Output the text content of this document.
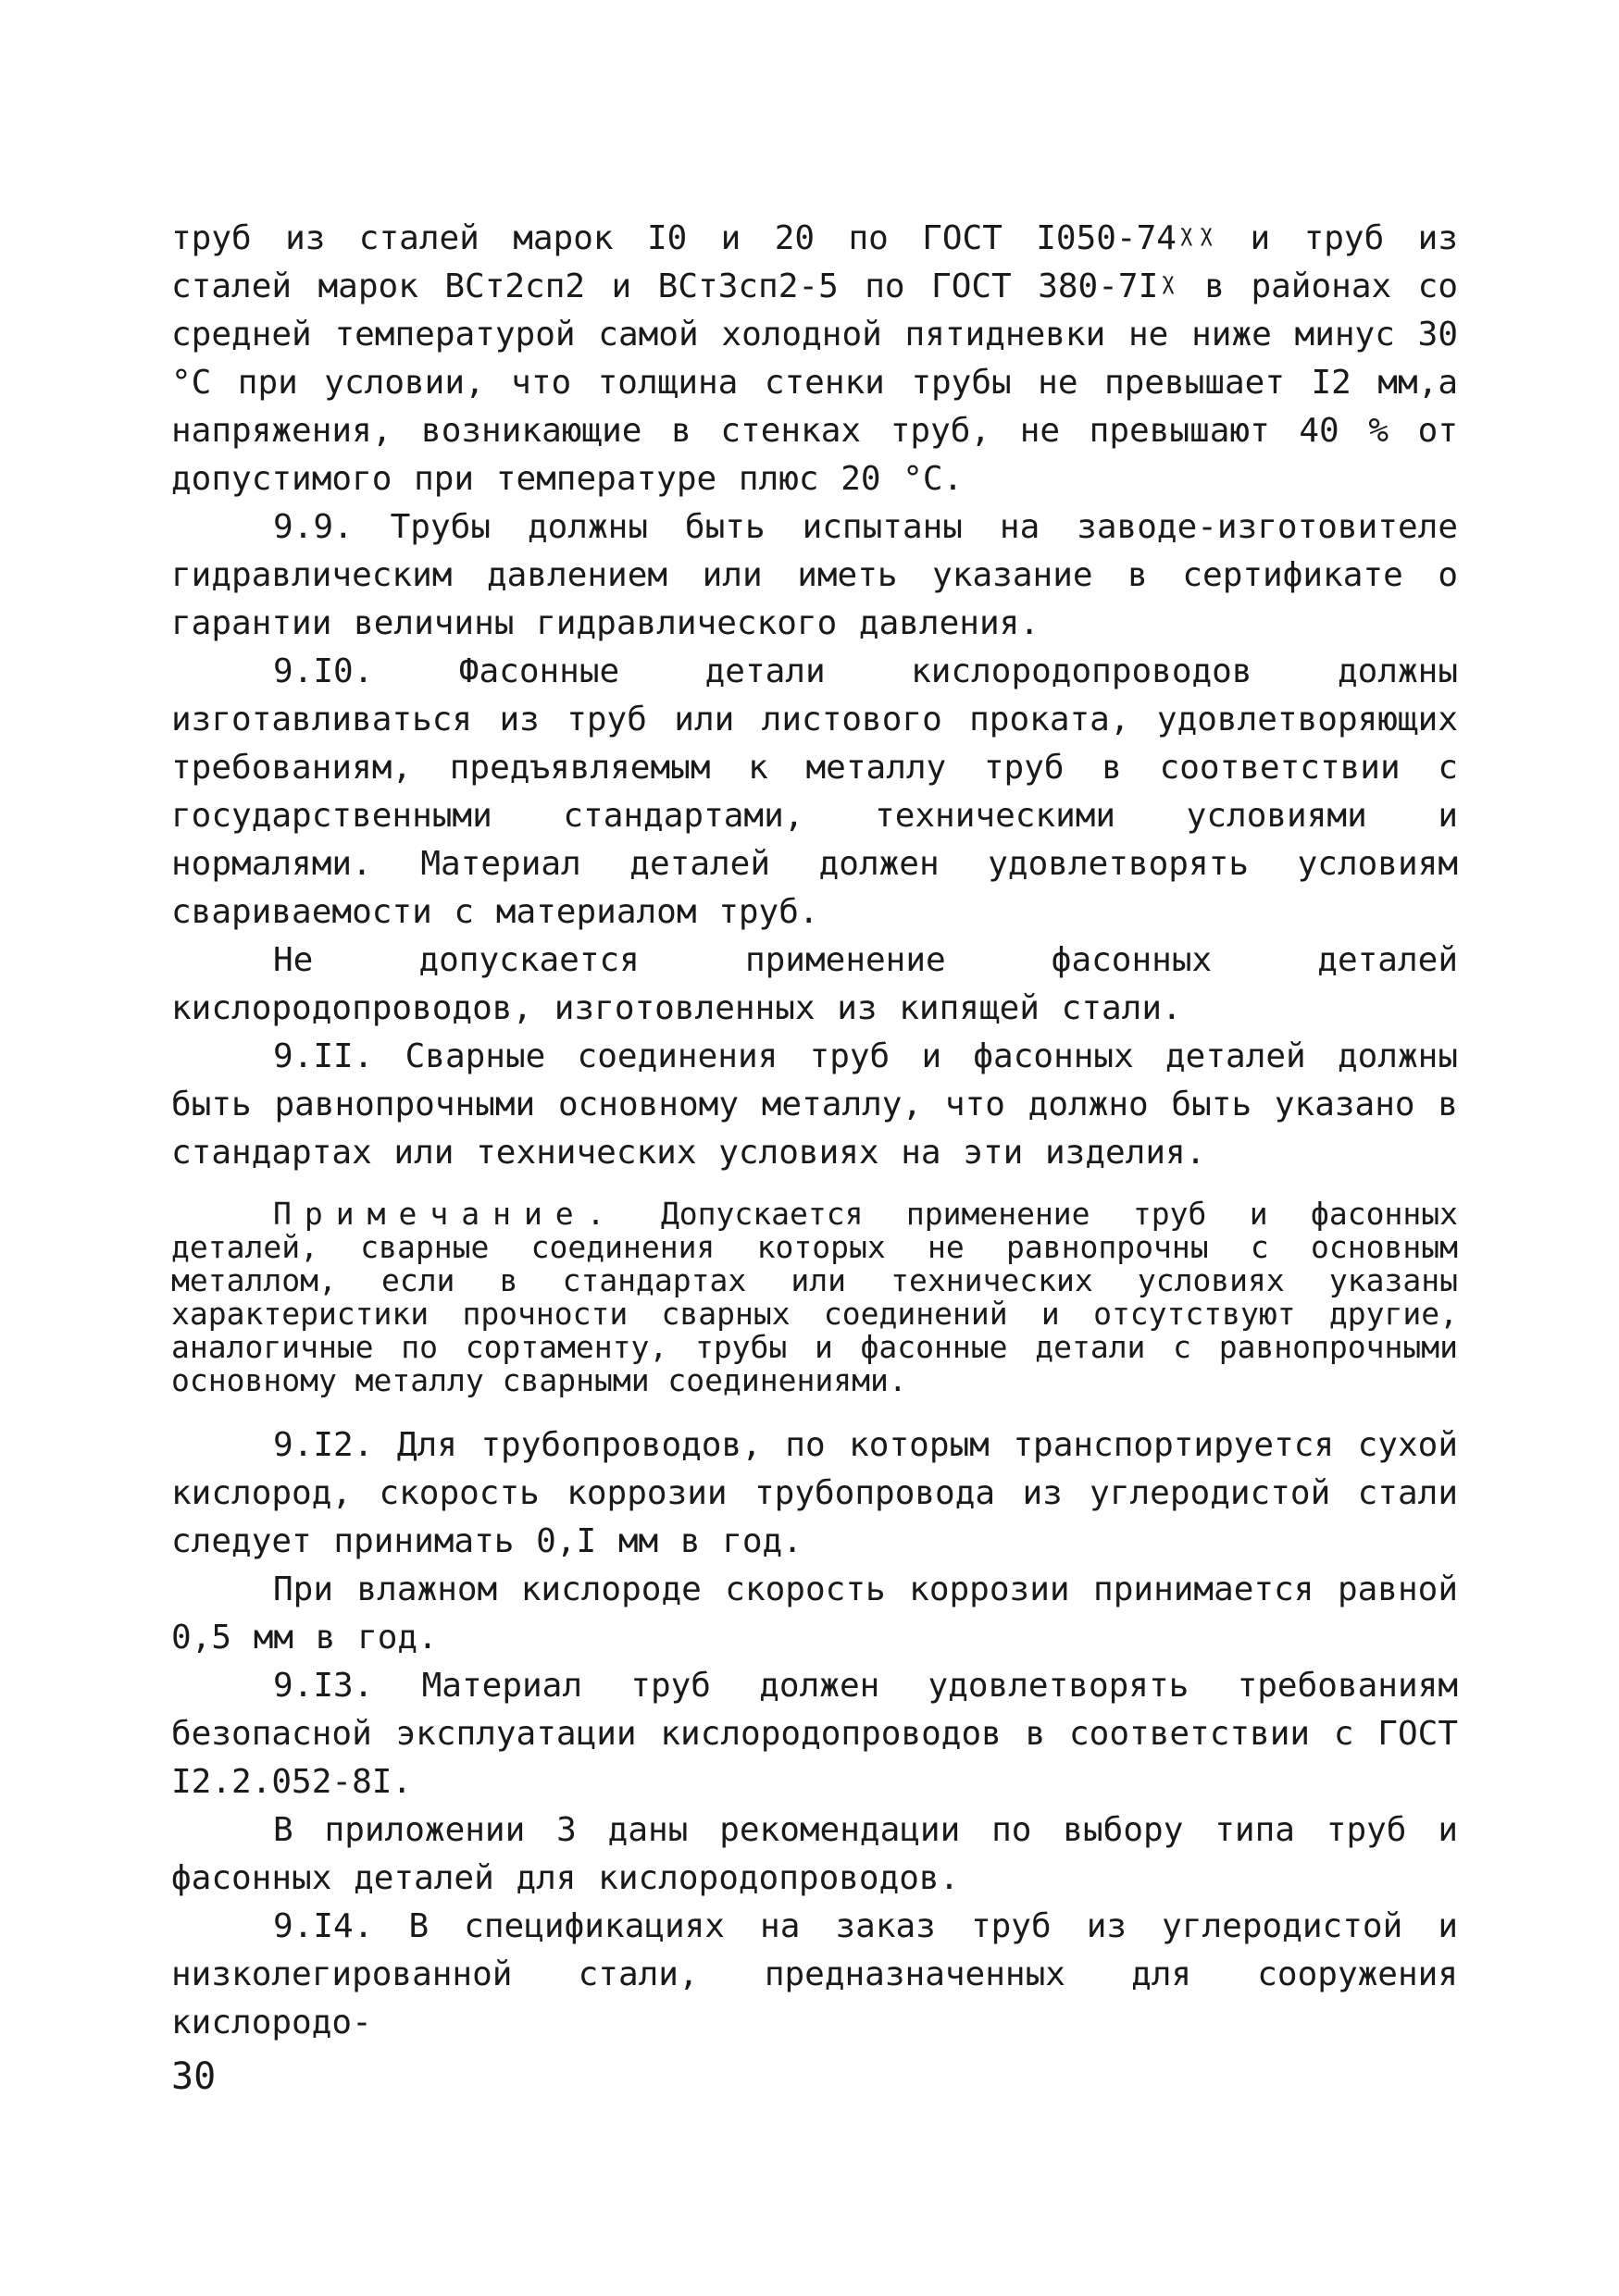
труб из сталей марок I0 и 20 по ГОСТ I050-74ᵡᵡ и труб из сталей марок ВСт2сп2 и ВСт3сп2-5 по ГОСТ 380-7Iᵡ в районах со средней температурой самой холодной пятидневки не ниже минус 30 °С при условии, что толщина стенки трубы не превышает I2 мм,а напряжения, возникающие в стенках труб, не превышают 40 % от допустимого при температуре плюс 20 °С.

9.9. Трубы должны быть испытаны на заводе-изготовителе гидравлическим давлением или иметь указание в сертификате о гарантии величины гидравлического давления.

9.I0. Фасонные детали кислородопроводов должны изготавливаться из труб или листового проката, удовлетворяющих требованиям, предъявляемым к металлу труб в соответствии с государственными стандартами, техническими условиями и нормалями. Материал деталей должен удовлетворять условиям свариваемости с материалом труб.

Не допускается применение фасонных деталей кислородопроводов, изготовленных из кипящей стали.

9.II. Сварные соединения труб и фасонных деталей должны быть равнопрочными основному металлу, что должно быть указано в стандартах или технических условиях на эти изделия.

Примечание. Допускается применение труб и фасонных деталей, сварные соединения которых не равнопрочны с основным металлом, если в стандартах или технических условиях указаны характеристики прочности сварных соединений и отсутствуют другие, аналогичные по сортаменту, трубы и фасонные детали с равнопрочными основному металлу сварными соединениями.

9.I2. Для трубопроводов, по которым транспортируется сухой кислород, скорость коррозии трубопровода из углеродистой стали следует принимать 0,I мм в год.

При влажном кислороде скорость коррозии принимается равной 0,5 мм в год.

9.I3. Материал труб должен удовлетворять требованиям безопасной эксплуатации кислородопроводов в соответствии с ГОСТ I2.2.052-8I.

В приложении 3 даны рекомендации по выбору типа труб и фасонных деталей для кислородопроводов.

9.I4. В спецификациях на заказ труб из углеродистой и низколегированной стали, предназначенных для сооружения кислородо-

30
